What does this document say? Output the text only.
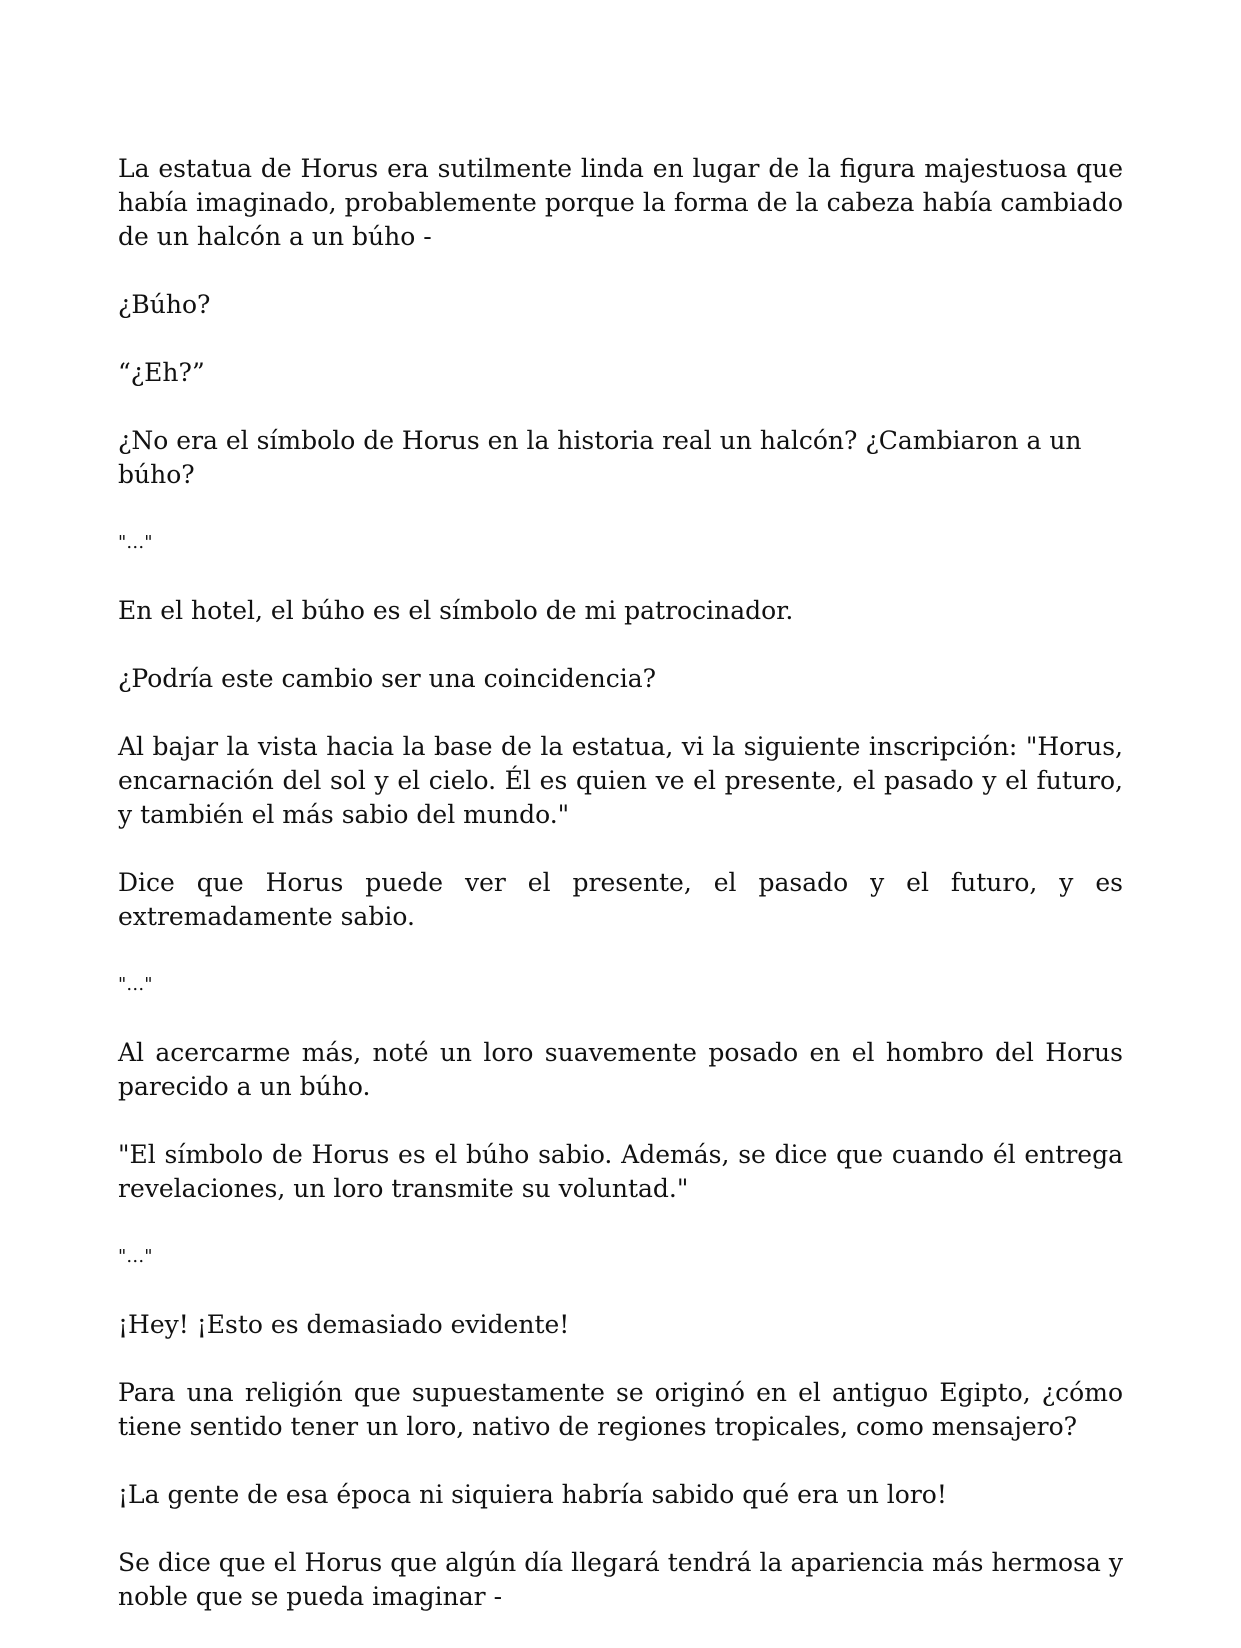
La estatua de Horus era sutilmente linda en lugar de la figura majestuosa que había imaginado, probablemente porque la forma de la cabeza había cambiado de un halcón a un búho -

¿Búho?

“¿Eh?”

¿No era el símbolo de Horus en la historia real un halcón? ¿Cambiaron a un búho?

"…"

En el hotel, el búho es el símbolo de mi patrocinador.

¿Podría este cambio ser una coincidencia?

Al bajar la vista hacia la base de la estatua, vi la siguiente inscripción: "Horus, encarnación del sol y el cielo. Él es quien ve el presente, el pasado y el futuro, y también el más sabio del mundo."

Dice que Horus puede ver el presente, el pasado y el futuro, y es extremadamente sabio.

"…"

Al acercarme más, noté un loro suavemente posado en el hombro del Horus parecido a un búho.

"El símbolo de Horus es el búho sabio. Además, se dice que cuando él entrega revelaciones, un loro transmite su voluntad."

"…"

¡Hey! ¡Esto es demasiado evidente!

Para una religión que supuestamente se originó en el antiguo Egipto, ¿cómo tiene sentido tener un loro, nativo de regiones tropicales, como mensajero?

¡La gente de esa época ni siquiera habría sabido qué era un loro!

Se dice que el Horus que algún día llegará tendrá la apariencia más hermosa y noble que se pueda imaginar -
